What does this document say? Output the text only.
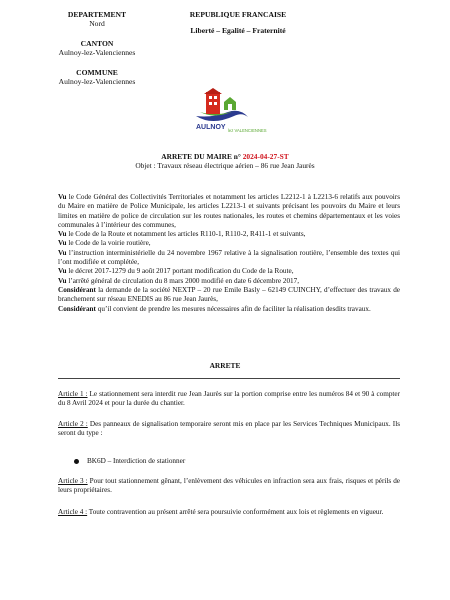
DEPARTEMENT
Nord
CANTON
Aulnoy-lez-Valenciennes
COMMUNE
Aulnoy-lez-Valenciennes
REPUBLIQUE FRANCAISE
Liberté – Egalité – Fraternité
AULNOY lez VALENCIENNES
ARRETE DU MAIRE n° 2024-04-27-ST
Objet : Travaux réseau électrique aérien – 86 rue Jean Jaurès

Vu le Code Général des Collectivités Territoriales et notamment les articles L2212-1 à L2213-6 relatifs aux pouvoirs du Maire en matière de Police Municipale, les articles L2213-1 et suivants précisant les pouvoirs du Maire et leurs limites en matière de police de circulation sur les routes nationales, les routes et chemins départementaux et les voies communales à l’intérieur des communes,

Vu le Code de la Route et notamment les articles R110-1, R110-2, R411-1 et suivants,

Vu le Code de la voirie routière,

Vu l’instruction interministérielle du 24 novembre 1967 relative à la signalisation routière, l’ensemble des textes qui l’ont modifiée et complétée,

Vu le décret 2017-1279 du 9 août 2017 portant modification du Code de la Route,

Vu l’arrêté général de circulation du 8 mars 2000 modifié en date 6 décembre 2017,

Considérant la demande de la société NEXTP – 20 rue Emile Basly – 62149 CUINCHY, d’effectuer des travaux de branchement sur réseau ENEDIS au 86 rue Jean Jaurès,

Considérant qu’il convient de prendre les mesures nécessaires afin de faciliter la réalisation desdits travaux.

ARRETE

Article 1 : Le stationnement sera interdit rue Jean Jaurès sur la portion comprise entre les numéros 84 et 90 à compter du 8 Avril 2024 et pour la durée du chantier.

Article 2 : Des panneaux de signalisation temporaire seront mis en place par les Services Techniques Municipaux. Ils seront du type :

BK6D – Interdiction de stationner

Article 3 : Pour tout stationnement gênant, l’enlèvement des véhicules en infraction sera aux frais, risques et périls de leurs propriétaires.

Article 4 : Toute contravention au présent arrêté sera poursuivie conformément aux lois et règlements en vigueur.
